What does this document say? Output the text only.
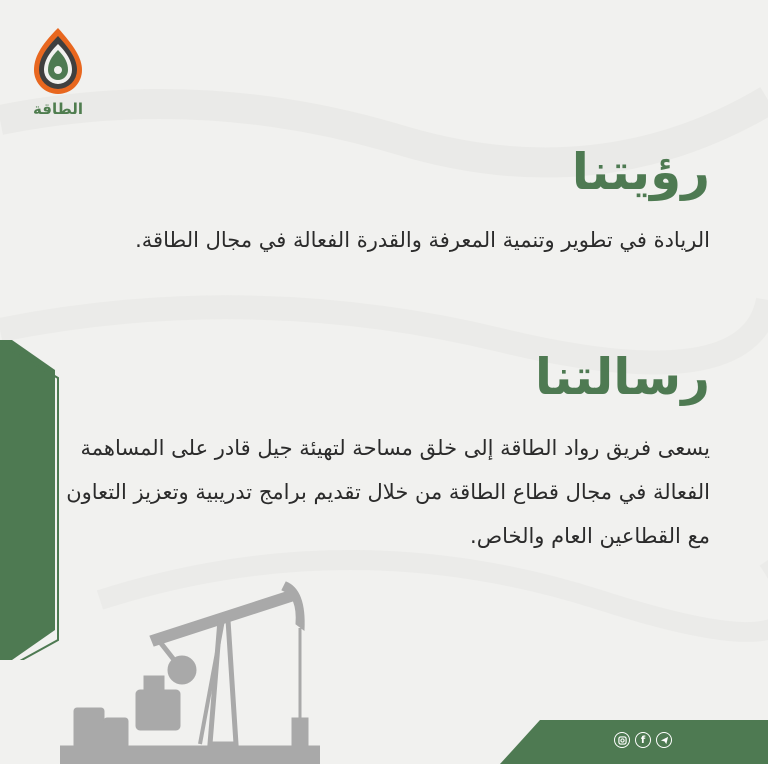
الطاقة
رؤيتنا
الريادة في تطوير وتنمية المعرفة والقدرة الفعالة في مجال الطاقة.
رسالتنا
يسعى فريق رواد الطاقة إلى خلق مساحة لتهيئة جيل قادر على المساهمة الفعالة في مجال قطاع الطاقة من خلال تقديم برامج تدريبية وتعزيز التعاون مع القطاعين العام والخاص.
f
